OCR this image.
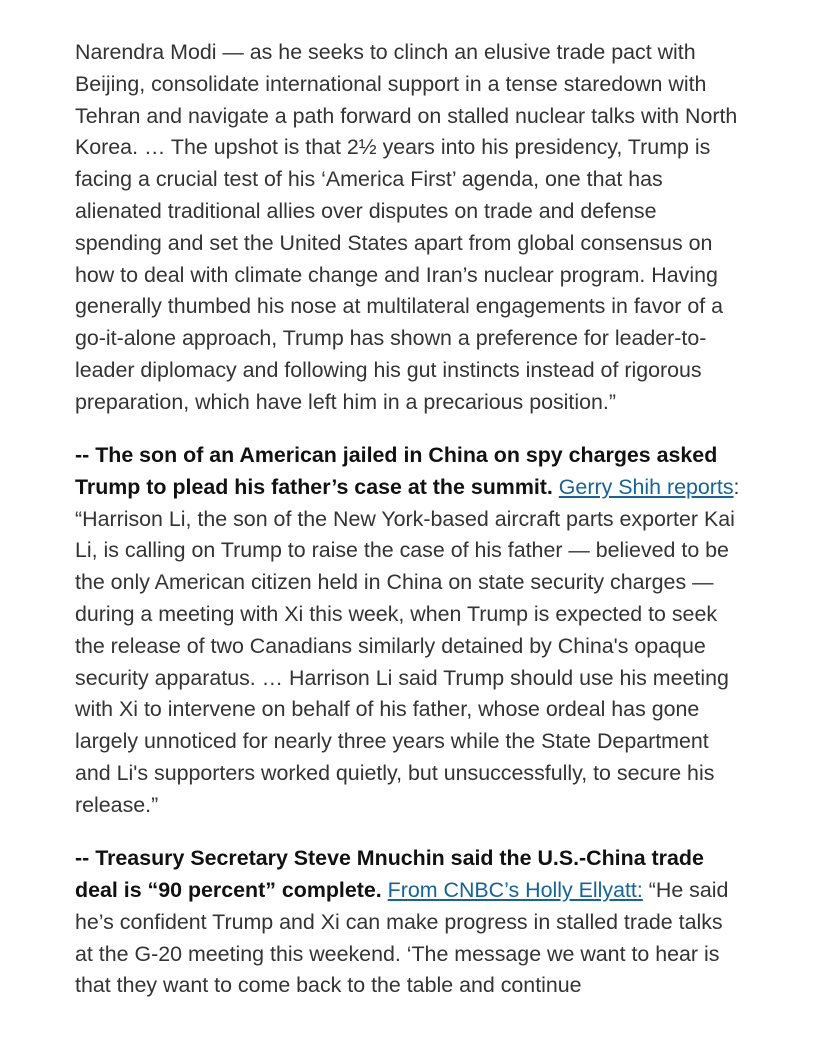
Narendra Modi — as he seeks to clinch an elusive trade pact with Beijing, consolidate international support in a tense staredown with Tehran and navigate a path forward on stalled nuclear talks with North Korea. … The upshot is that 2½ years into his presidency, Trump is facing a crucial test of his ‘America First’ agenda, one that has alienated traditional allies over disputes on trade and defense spending and set the United States apart from global consensus on how to deal with climate change and Iran’s nuclear program. Having generally thumbed his nose at multilateral engagements in favor of a go-it-alone approach, Trump has shown a preference for leader-to-leader diplomacy and following his gut instincts instead of rigorous preparation, which have left him in a precarious position.”

-- The son of an American jailed in China on spy charges asked Trump to plead his father’s case at the summit. Gerry Shih reports: “Harrison Li, the son of the New York-based aircraft parts exporter Kai Li, is calling on Trump to raise the case of his father — believed to be the only American citizen held in China on state security charges — during a meeting with Xi this week, when Trump is expected to seek the release of two Canadians similarly detained by China's opaque security apparatus. … Harrison Li said Trump should use his meeting with Xi to intervene on behalf of his father, whose ordeal has gone largely unnoticed for nearly three years while the State Department and Li's supporters worked quietly, but unsuccessfully, to secure his release.”

-- Treasury Secretary Steve Mnuchin said the U.S.-China trade deal is “90 percent” complete. From CNBC’s Holly Ellyatt: “He said he’s confident Trump and Xi can make progress in stalled trade talks at the G-20 meeting this weekend. ‘The message we want to hear is that they want to come back to the table and continue
